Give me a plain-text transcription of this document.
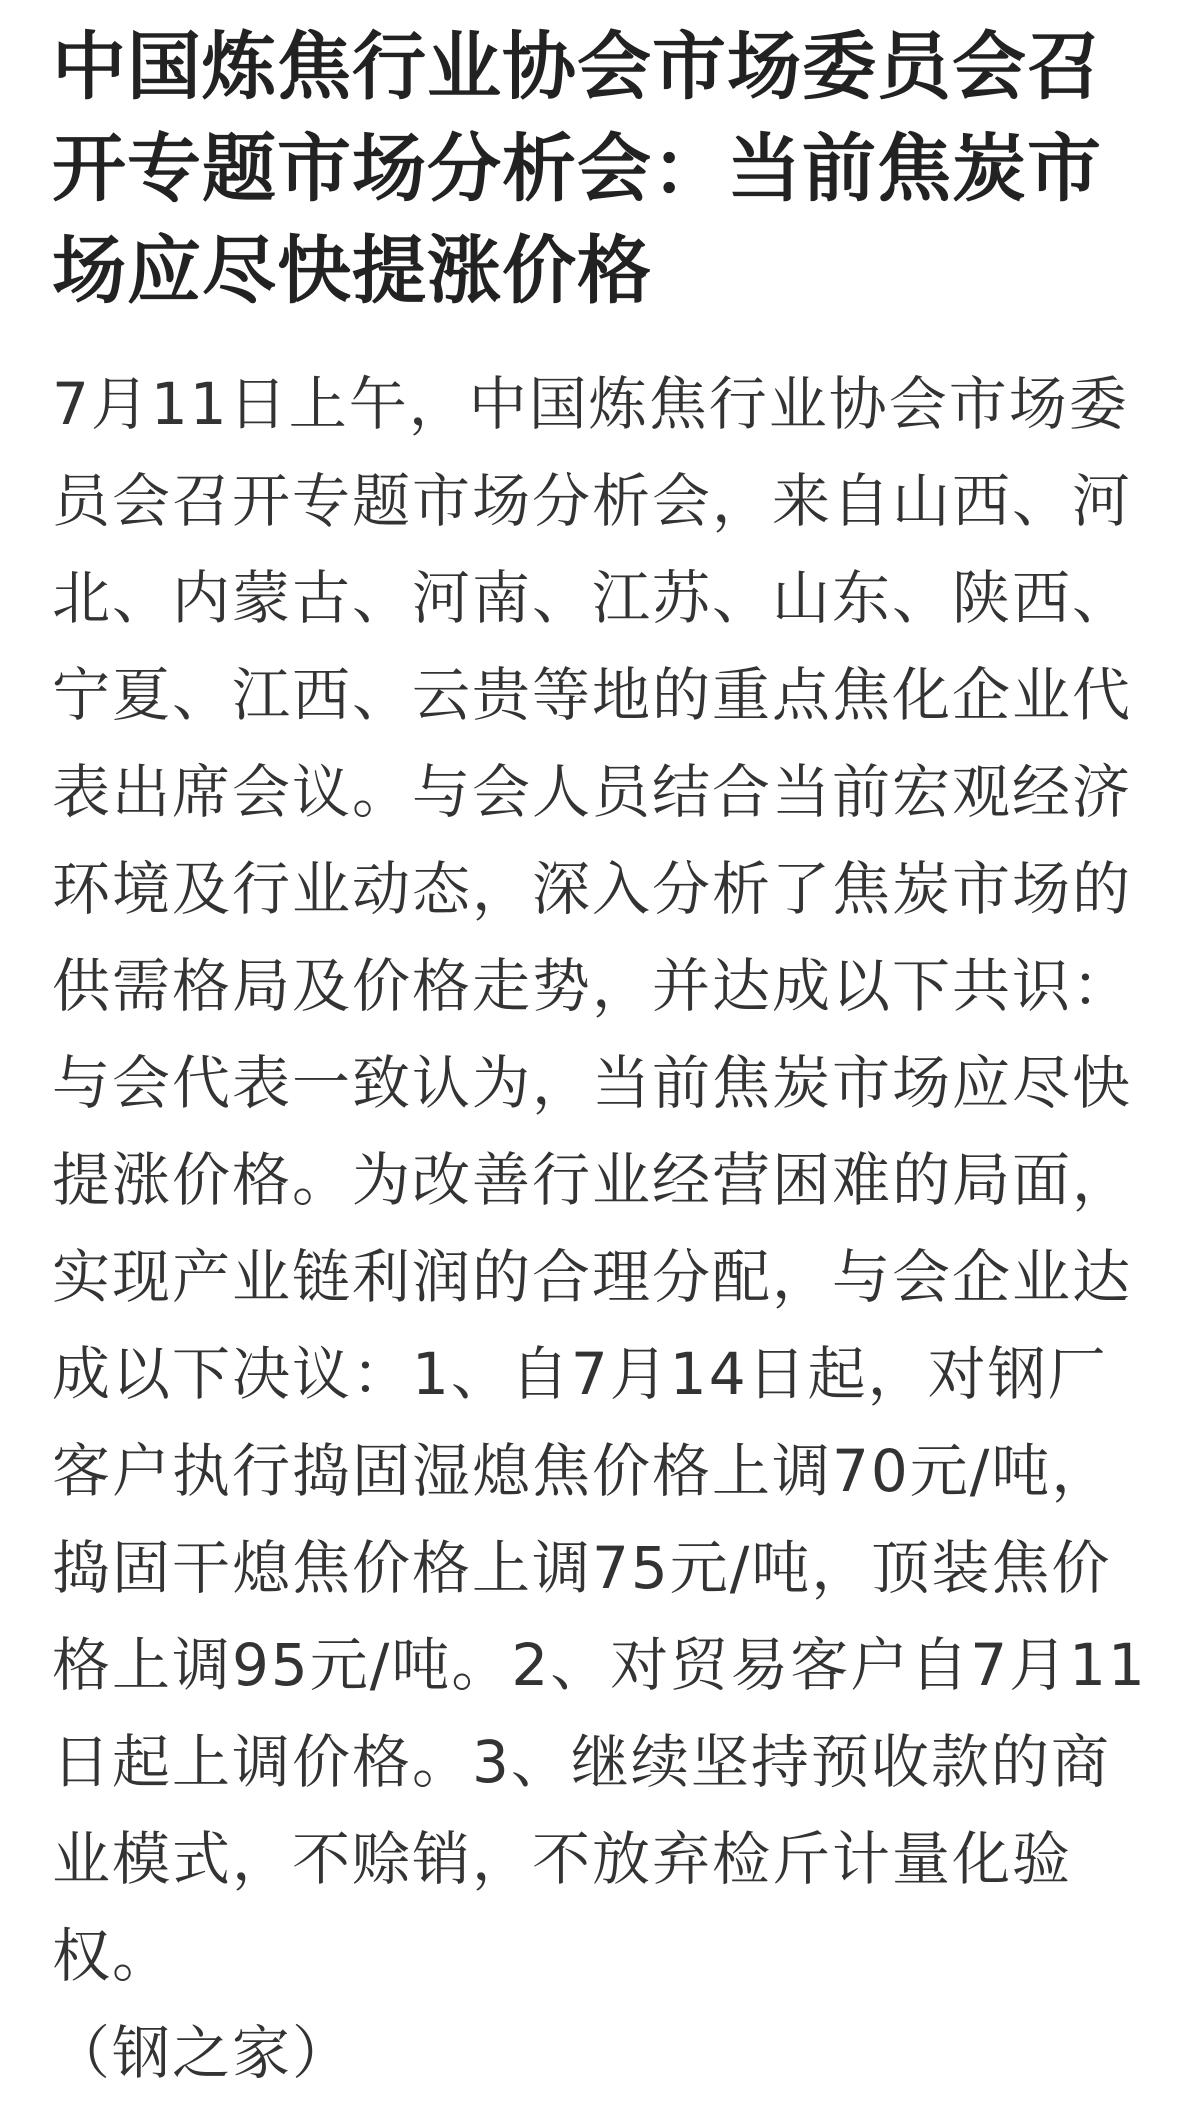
中国炼焦行业协会市场委员会召开专题市场分析会：当前焦炭市场应尽快提涨价格

7月11日上午，中国炼焦行业协会市场委员会召开专题市场分析会，来自山西、河北、内蒙古、河南、江苏、山东、陕西、宁夏、江西、云贵等地的重点焦化企业代表出席会议。与会人员结合当前宏观经济环境及行业动态，深入分析了焦炭市场的供需格局及价格走势，并达成以下共识：与会代表一致认为，当前焦炭市场应尽快提涨价格。为改善行业经营困难的局面，实现产业链利润的合理分配，与会企业达成以下决议：1、自7月14日起，对钢厂客户执行捣固湿熄焦价格上调70元/吨，捣固干熄焦价格上调75元/吨，顶装焦价格上调95元/吨。2、对贸易客户自7月11日起上调价格。3、继续坚持预收款的商业模式，不赊销，不放弃检斤计量化验权。
（钢之家）
